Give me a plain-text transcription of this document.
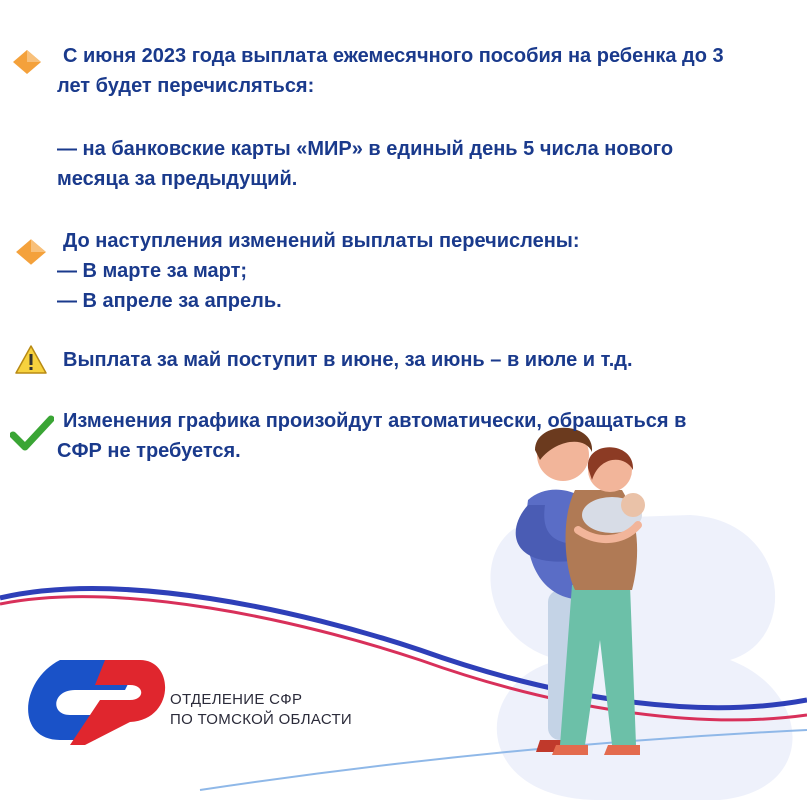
С июня 2023 года выплата ежемесячного пособия на ребенка до 3
лет будет перечисляться:
— на банковские карты «МИР» в единый день 5 числа нового
месяца за предыдущий.
До наступления изменений выплаты перечислены:
— В марте за март;
— В апреле за апрель.
Выплата за май поступит в июне, за июнь – в июле и т.д.
Изменения графика произойдут автоматически, обращаться в
СФР не требуется.
ОТДЕЛЕНИЕ СФР
ПО ТОМСКОЙ ОБЛАСТИ
